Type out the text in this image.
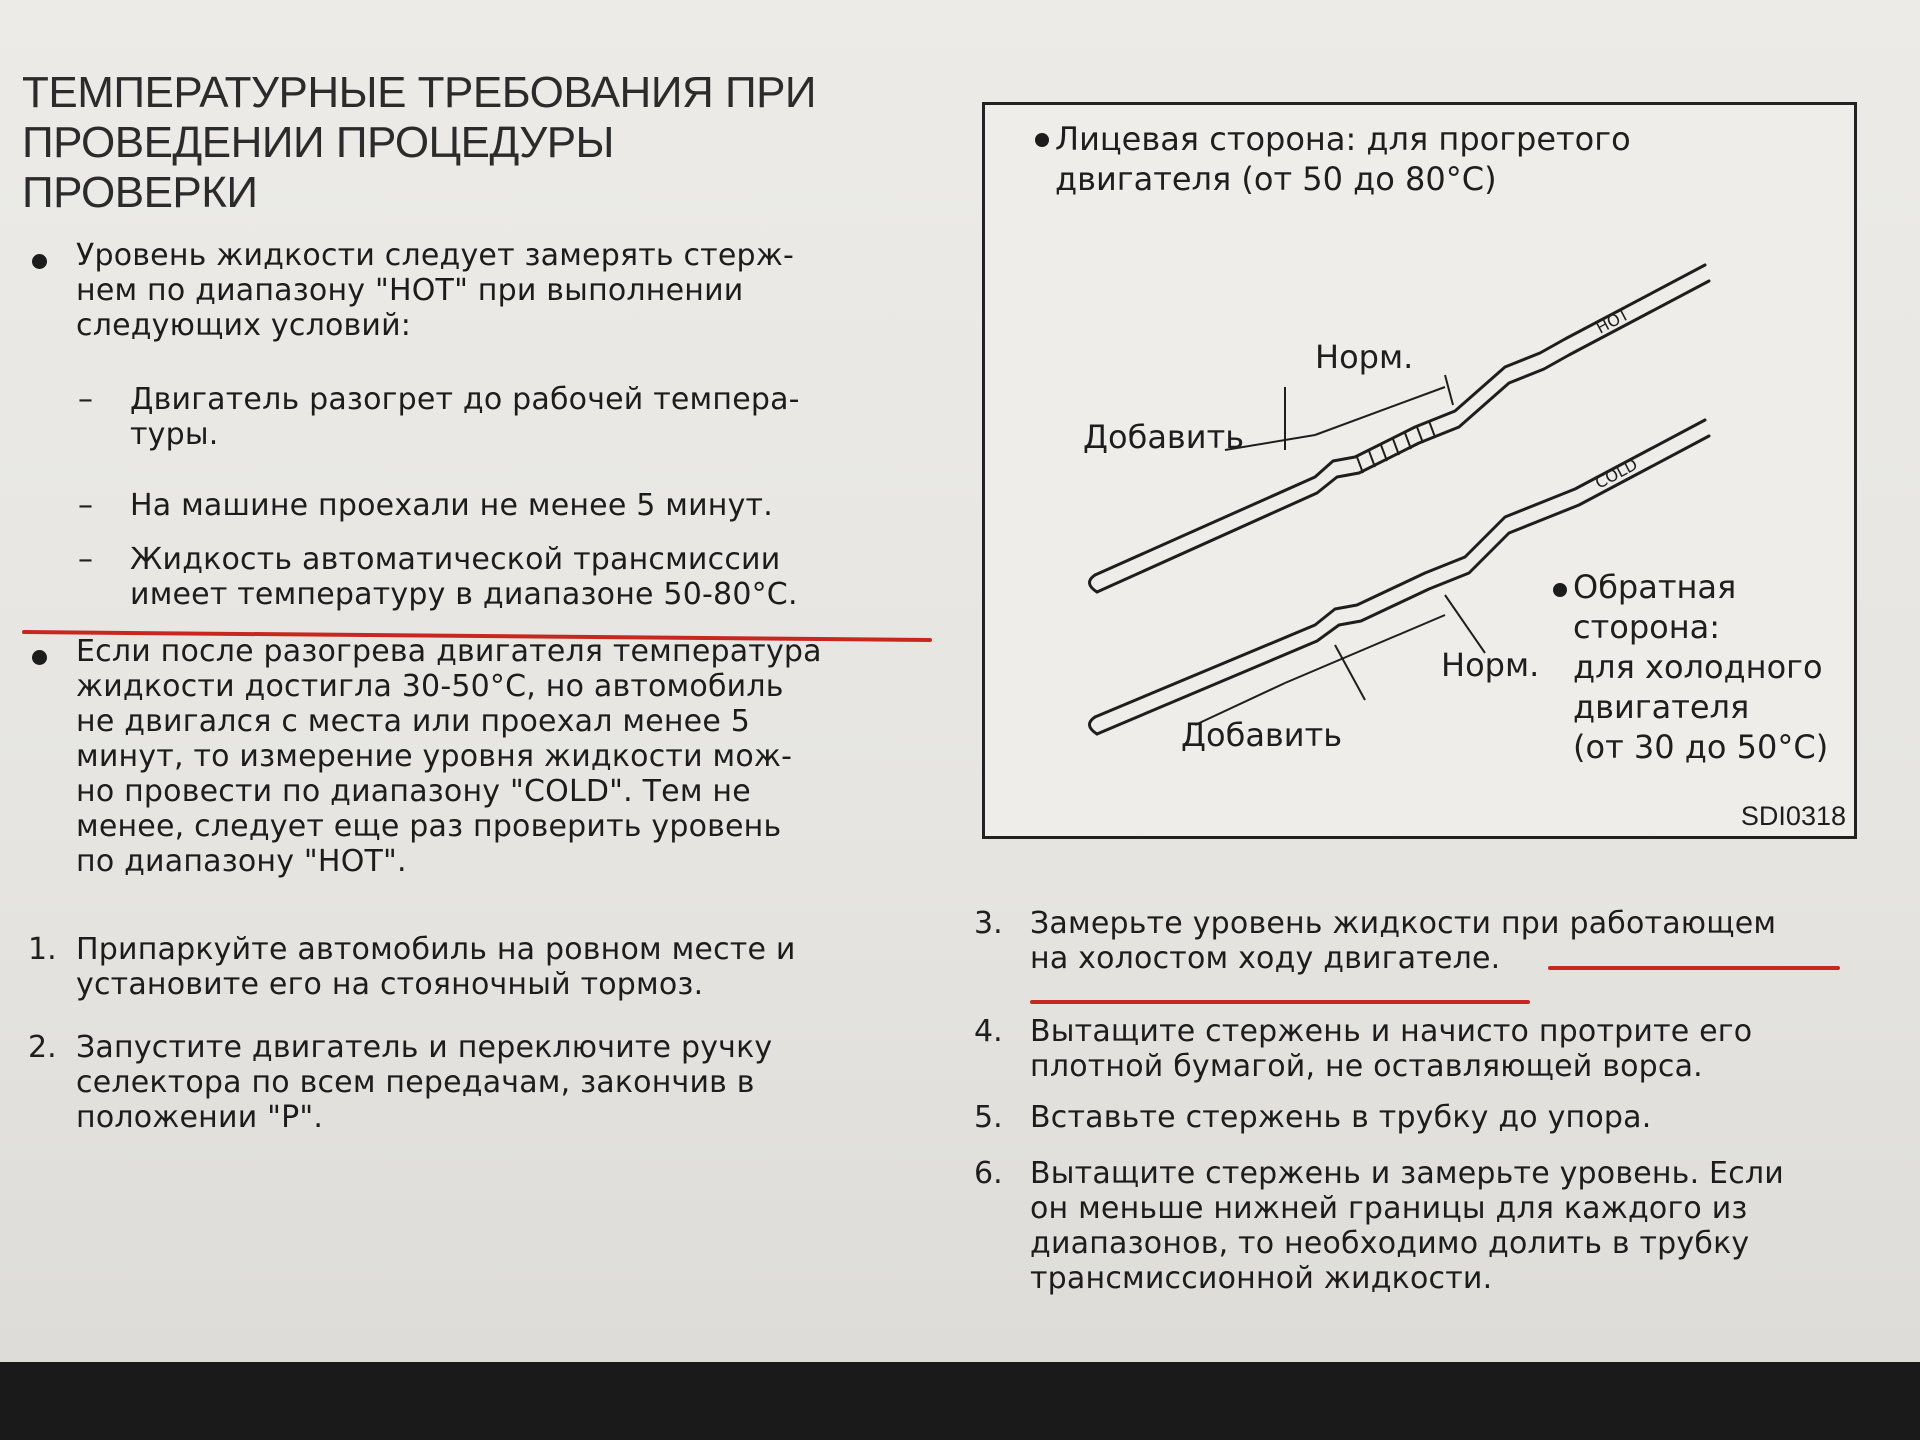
ТЕМПЕРАТУРНЫЕ ТРЕБОВАНИЯ ПРИ
ПРОВЕДЕНИИ ПРОЦЕДУРЫ
ПРОВЕРКИ

Уровень жидкости следует замерять стерж-
нем по диапазону "HOT" при выполнении
следующих условий:

– Двигатель разогрет до рабочей темпера-
туры.

– На машине проехали не менее 5 минут.

– Жидкость автоматической трансмиссии
имеет температуру в диапазоне 50-80°C.

Если после разогрева двигателя температура
жидкости достигла 30-50°C, но автомобиль
не двигался с места или проехал менее 5
минут, то измерение уровня жидкости мож-
но провести по диапазону "COLD". Тем не
менее, следует еще раз проверить уровень
по диапазону "HOT".

1. Припаркуйте автомобиль на ровном месте и
установите его на стояночный тормоз.

2. Запустите двигатель и переключите ручку
селектора по всем передачам, закончив в
положении "P".

HOT
COLD
Лицевая сторона: для прогретого
двигателя (от 50 до 80°C)
Норм.
Добавить
Норм.
Добавить
Обратная
сторона:
для холодного
двигателя
(от 30 до 50°C)
SDI0318
3. Замерьте уровень жидкости при работающем
на холостом ходу двигателе.

4. Вытащите стержень и начисто протрите его
плотной бумагой, не оставляющей ворса.

5. Вставьте стержень в трубку до упора.

6. Вытащите стержень и замерьте уровень. Если
он меньше нижней границы для каждого из
диапазонов, то необходимо долить в трубку
трансмиссионной жидкости.
